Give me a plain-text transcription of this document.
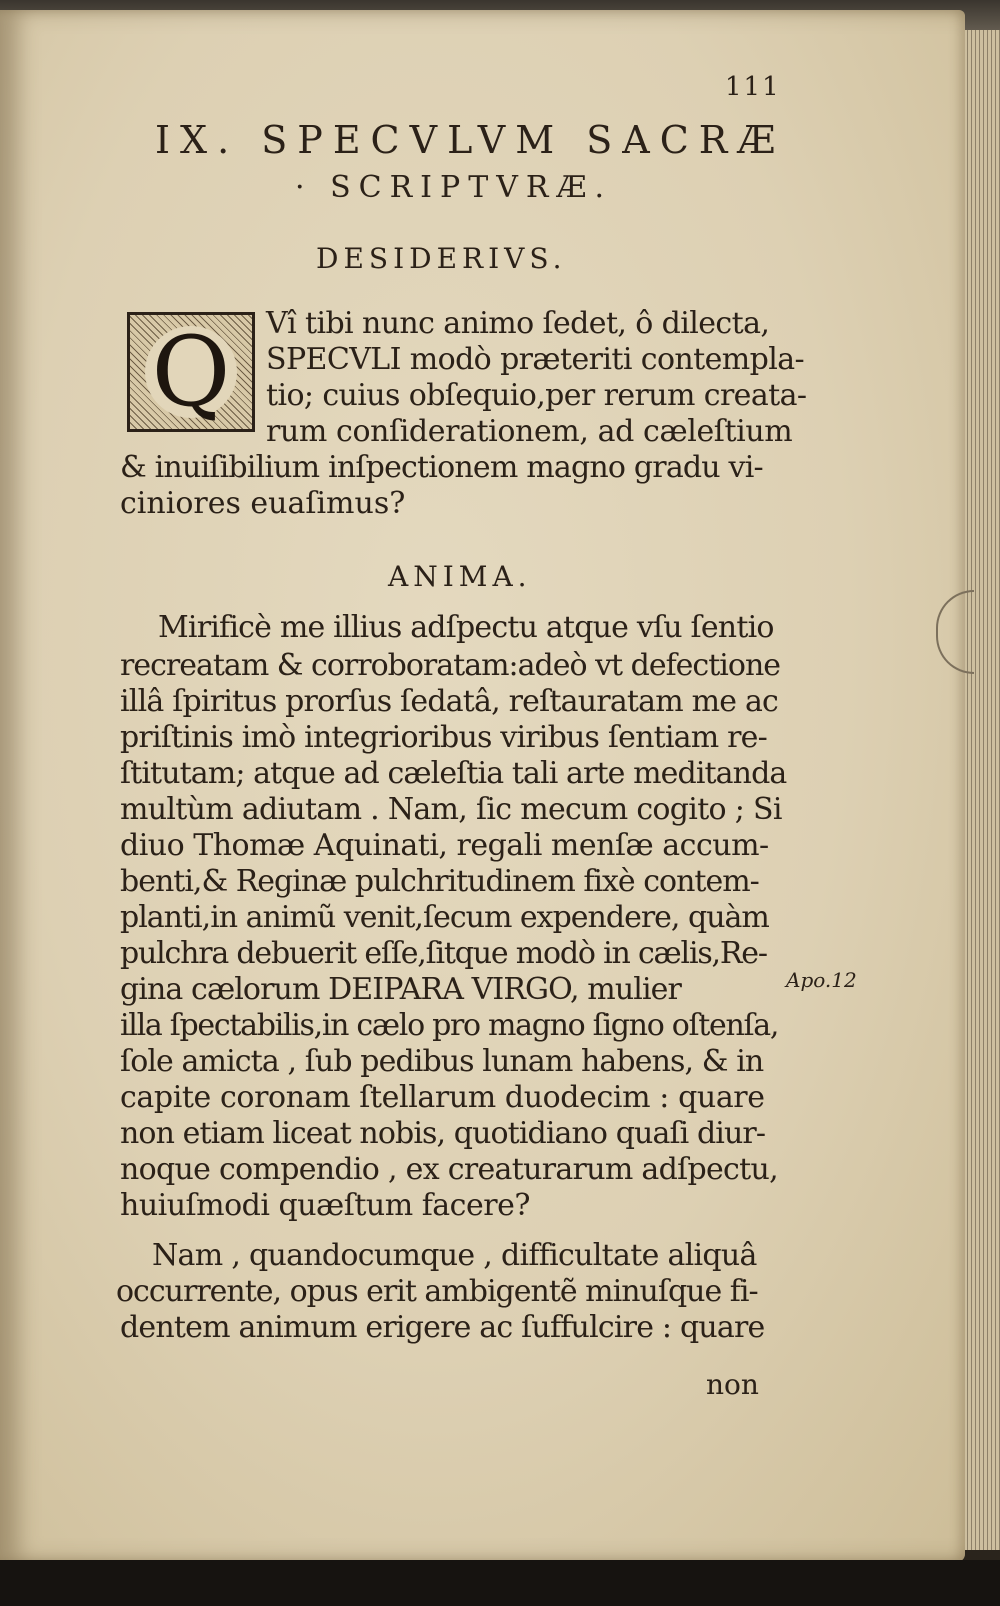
111
IX. SPECVLVM SACRÆ
· SCRIPTVRÆ.
DESIDERIVS.
Q Vî tibi nunc animo ſedet, ô dilecta,
SPECVLI modò præteriti contempla-
tio; cuius obſequio,per rerum creata-
rum conſiderationem, ad cæleſtium
& inuiſibilium inſpectionem magno gradu vi-
ciniores euaſimus?
ANIMA.
Mirificè me illius adſpectu atque vſu ſentio
recreatam & corroboratam:adeò vt defectione
illâ ſpiritus prorſus ſedatâ, reſtauratam me ac
priſtinis imò integrioribus viribus ſentiam re-
ſtitutam; atque ad cæleſtia tali arte meditanda
multùm adiutam . Nam, ſic mecum cogito ; Si
diuo Thomæ Aquinati, regali menſæ accum-
benti,& Reginæ pulchritudinem fixè contem-
planti,in animũ venit,ſecum expendere, quàm
pulchra debuerit eſſe,ſitque modò in cælis,Re-
gina cælorum DEIPARA VIRGO, mulier
illa ſpectabilis,in cælo pro magno ſigno oſtenſa,
ſole amicta , ſub pedibus lunam habens, & in
capite coronam ſtellarum duodecim : quare
non etiam liceat nobis, quotidiano quaſi diur-
noque compendio , ex creaturarum adſpectu,
huiuſmodi quæſtum facere?
Nam , quandocumque , difficultate aliquâ
occurrente, opus erit ambigentẽ minuſque fi-
dentem animum erigere ac ſuffulcire : quare
Apo.12
non
